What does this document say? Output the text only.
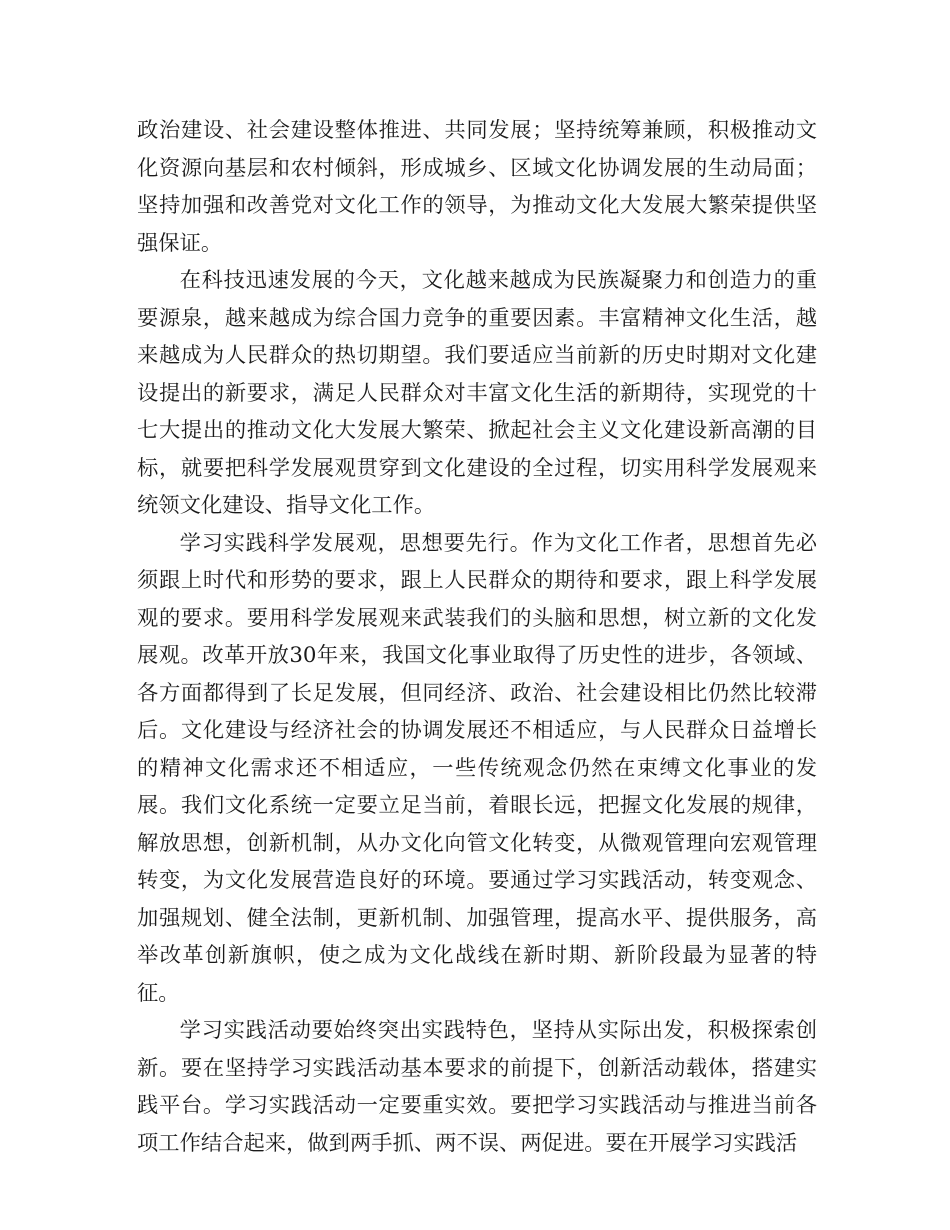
政治建设、社会建设整体推进、共同发展；坚持统筹兼顾，积极推动文化资源向基层和农村倾斜，形成城乡、区域文化协调发展的生动局面；坚持加强和改善党对文化工作的领导，为推动文化大发展大繁荣提供坚强保证。

在科技迅速发展的今天，文化越来越成为民族凝聚力和创造力的重要源泉，越来越成为综合国力竞争的重要因素。丰富精神文化生活，越来越成为人民群众的热切期望。我们要适应当前新的历史时期对文化建设提出的新要求，满足人民群众对丰富文化生活的新期待，实现党的十七大提出的推动文化大发展大繁荣、掀起社会主义文化建设新高潮的目标，就要把科学发展观贯穿到文化建设的全过程，切实用科学发展观来统领文化建设、指导文化工作。

学习实践科学发展观，思想要先行。作为文化工作者，思想首先必须跟上时代和形势的要求，跟上人民群众的期待和要求，跟上科学发展观的要求。要用科学发展观来武装我们的头脑和思想，树立新的文化发展观。改革开放30年来，我国文化事业取得了历史性的进步，各领域、各方面都得到了长足发展，但同经济、政治、社会建设相比仍然比较滞后。文化建设与经济社会的协调发展还不相适应，与人民群众日益增长的精神文化需求还不相适应，一些传统观念仍然在束缚文化事业的发展。我们文化系统一定要立足当前，着眼长远，把握文化发展的规律，解放思想，创新机制，从办文化向管文化转变，从微观管理向宏观管理转变，为文化发展营造良好的环境。要通过学习实践活动，转变观念、加强规划、健全法制，更新机制、加强管理，提高水平、提供服务，高举改革创新旗帜，使之成为文化战线在新时期、新阶段最为显著的特征。

学习实践活动要始终突出实践特色，坚持从实际出发，积极探索创新。要在坚持学习实践活动基本要求的前提下，创新活动载体，搭建实践平台。学习实践活动一定要重实效。要把学习实践活动与推进当前各项工作结合起来，做到两手抓、两不误、两促进。要在开展学习实践活
